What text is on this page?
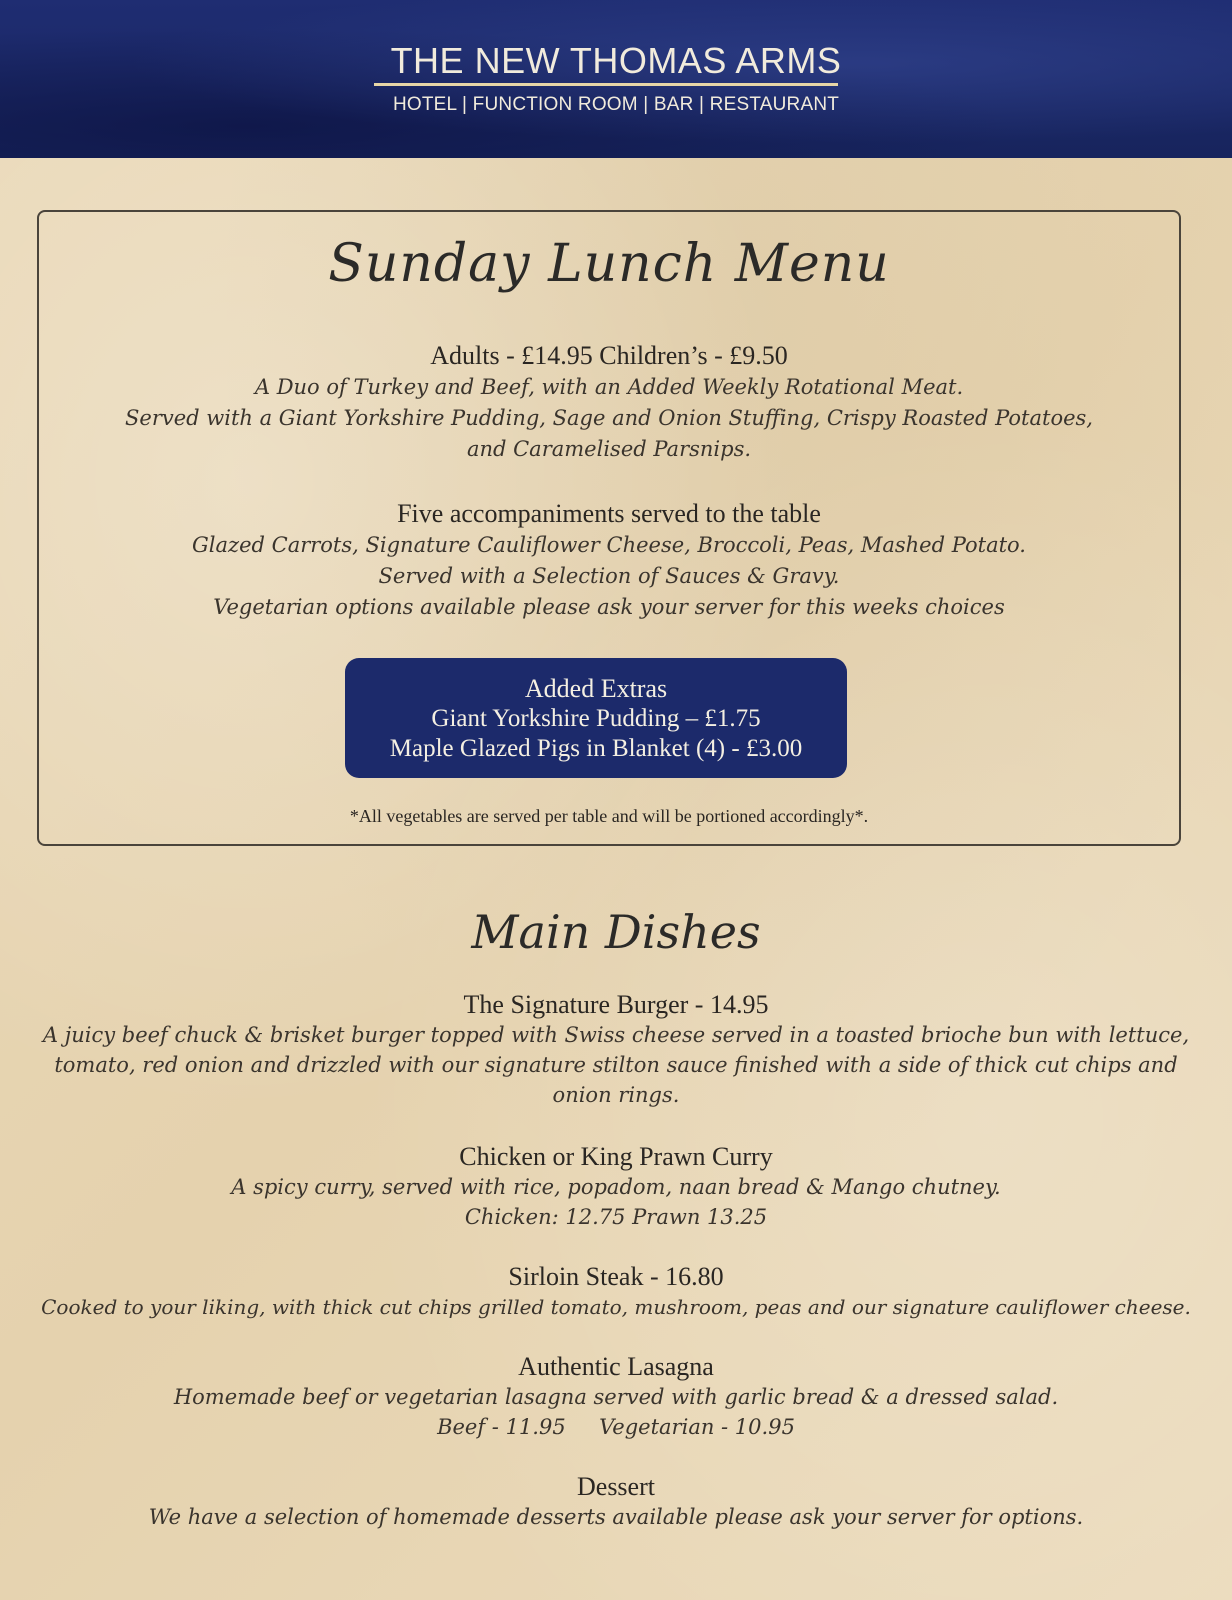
THE NEW THOMAS ARMS
HOTEL | FUNCTION ROOM | BAR | RESTAURANT
Sunday Lunch Menu
Adults - £14.95 Children’s - £9.50
A Duo of Turkey and Beef, with an Added Weekly Rotational Meat.
Served with a Giant Yorkshire Pudding, Sage and Onion Stuffing, Crispy Roasted Potatoes,
and Caramelised Parsnips.
Five accompaniments served to the table
Glazed Carrots, Signature Cauliflower Cheese, Broccoli, Peas, Mashed Potato.
Served with a Selection of Sauces & Gravy.
Vegetarian options available please ask your server for this weeks choices
Added Extras
Giant Yorkshire Pudding – £1.75
Maple Glazed Pigs in Blanket (4) - £3.00
*All vegetables are served per table and will be portioned accordingly*.
Main Dishes
The Signature Burger - 14.95
A juicy beef chuck & brisket burger topped with Swiss cheese served in a toasted brioche bun with lettuce,
tomato, red onion and drizzled with our signature stilton sauce finished with a side of thick cut chips and
onion rings.
Chicken or King Prawn Curry
A spicy curry, served with rice, popadom, naan bread & Mango chutney.
Chicken: 12.75 Prawn 13.25
Sirloin Steak - 16.80
Cooked to your liking, with thick cut chips grilled tomato, mushroom, peas and our signature cauliflower cheese.
Authentic Lasagna
Homemade beef or vegetarian lasagna served with garlic bread & a dressed salad.
Beef - 11.95     Vegetarian - 10.95
Dessert
We have a selection of homemade desserts available please ask your server for options.
